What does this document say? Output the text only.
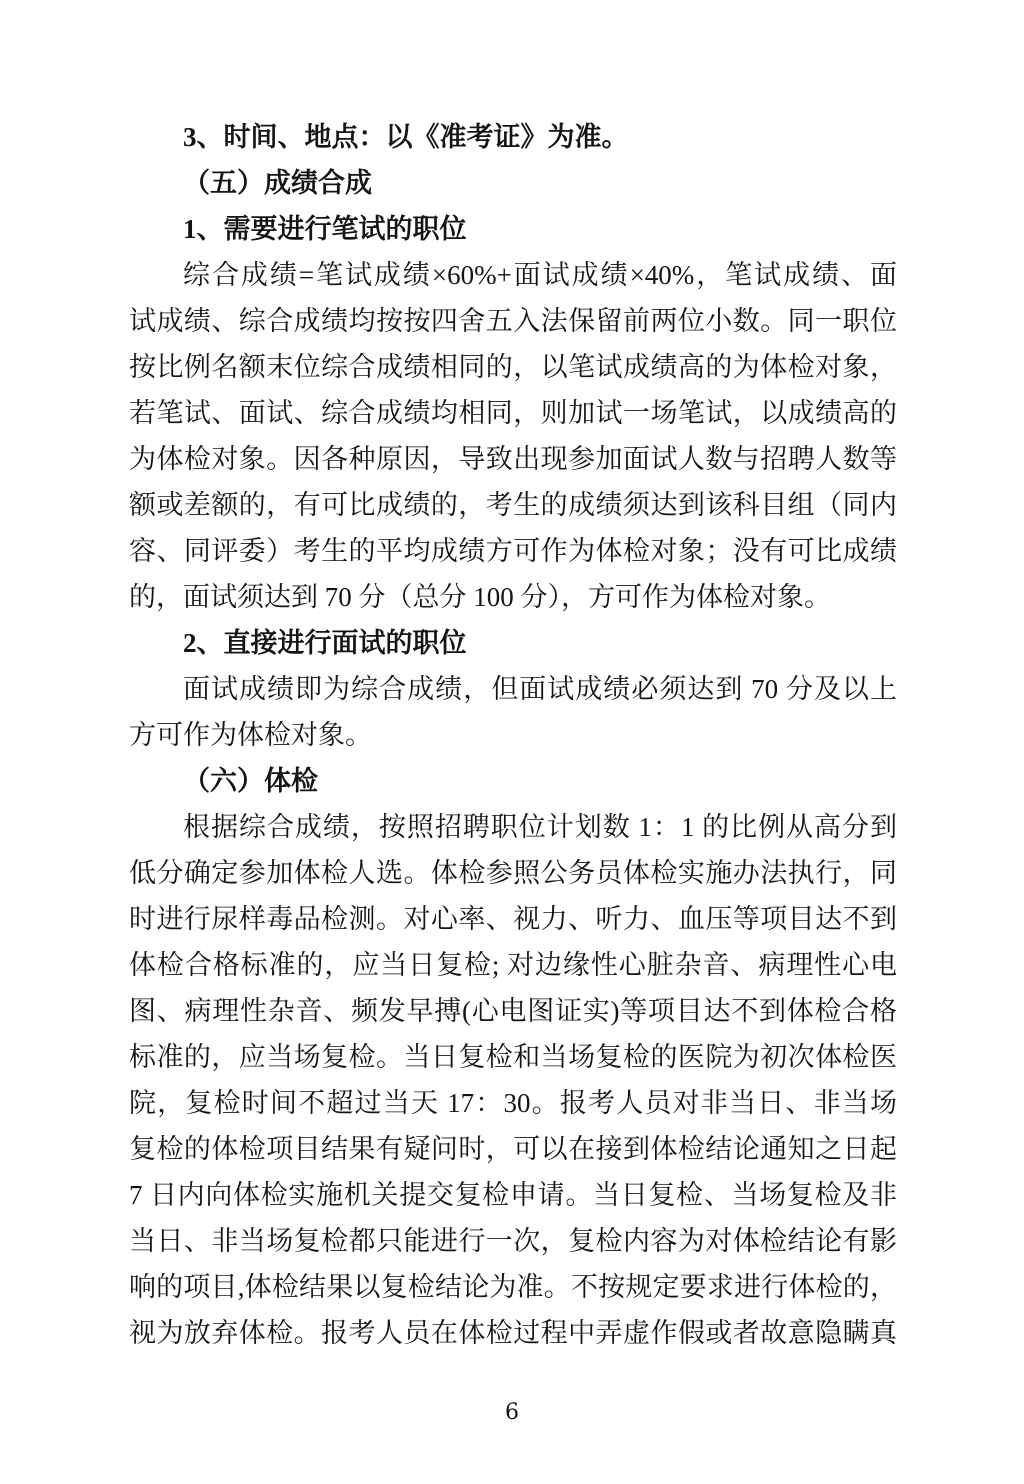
3、时间、地点：以《准考证》为准。

（五）成绩合成

1、需要进行笔试的职位

综合成绩=笔试成绩×60%+面试成绩×40%，笔试成绩、面

试成绩、综合成绩均按按四舍五入法保留前两位小数。同一职位

按比例名额末位综合成绩相同的，以笔试成绩高的为体检对象，

若笔试、面试、综合成绩均相同，则加试一场笔试，以成绩高的

为体检对象。因各种原因，导致出现参加面试人数与招聘人数等

额或差额的，有可比成绩的，考生的成绩须达到该科目组（同内

容、同评委）考生的平均成绩方可作为体检对象；没有可比成绩

的，面试须达到 70 分（总分 100 分），方可作为体检对象。

2、直接进行面试的职位

面试成绩即为综合成绩，但面试成绩必须达到 70 分及以上

方可作为体检对象。

（六）体检

根据综合成绩，按照招聘职位计划数 1：1 的比例从高分到

低分确定参加体检人选。体检参照公务员体检实施办法执行，同

时进行尿样毒品检测。对心率、视力、听力、血压等项目达不到

体检合格标准的，应当日复检; 对边缘性心脏杂音、病理性心电

图、病理性杂音、频发早搏(心电图证实)等项目达不到体检合格

标准的，应当场复检。当日复检和当场复检的医院为初次体检医

院，复检时间不超过当天 17：30。报考人员对非当日、非当场

复检的体检项目结果有疑问时，可以在接到体检结论通知之日起

7 日内向体检实施机关提交复检申请。当日复检、当场复检及非

当日、非当场复检都只能进行一次，复检内容为对体检结论有影

响的项目,体检结果以复检结论为准。不按规定要求进行体检的，

视为放弃体检。报考人员在体检过程中弄虚作假或者故意隐瞒真

6
